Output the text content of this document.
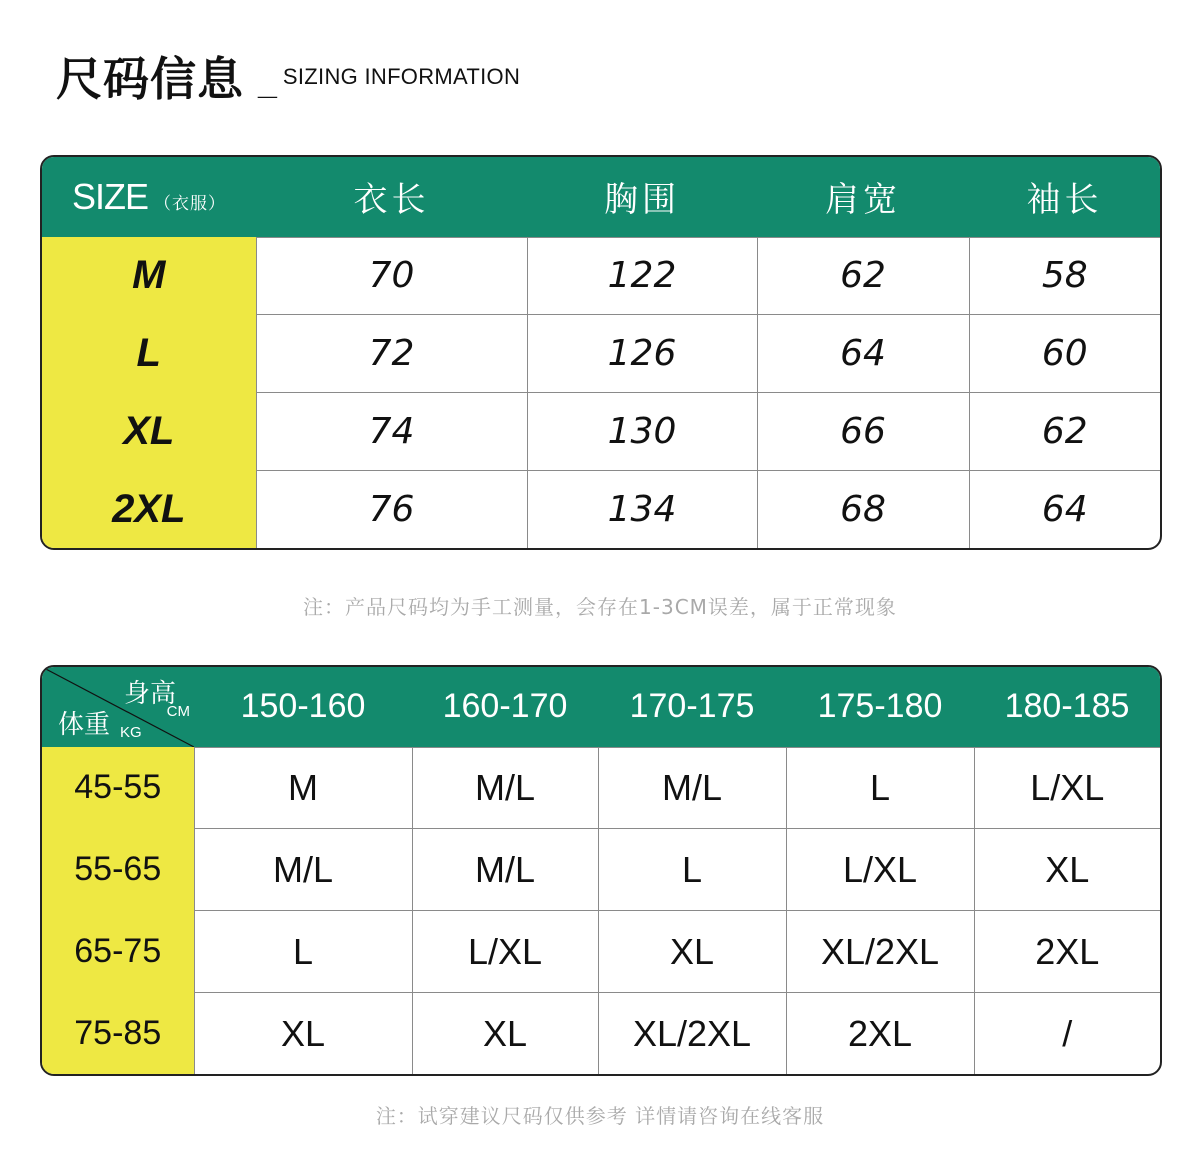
尺码信息 _ SIZING INFORMATION
SIZE （衣服）	衣长	胸围	肩宽	袖长
M	70	122	62	58
L	72	126	64	60
XL	74	130	66	62
2XL	76	134	68	64
注：产品尺码均为手工测量，会存在1-3CM误差，属于正常现象
身高
CM
体重 KG	150-160	160-170	170-175	175-180	180-185
45-55	M	M/L	M/L	L	L/XL
55-65	M/L	M/L	L	L/XL	XL
65-75	L	L/XL	XL	XL/2XL	2XL
75-85	XL	XL	XL/2XL	2XL	/
注：试穿建议尺码仅供参考 详情请咨询在线客服
